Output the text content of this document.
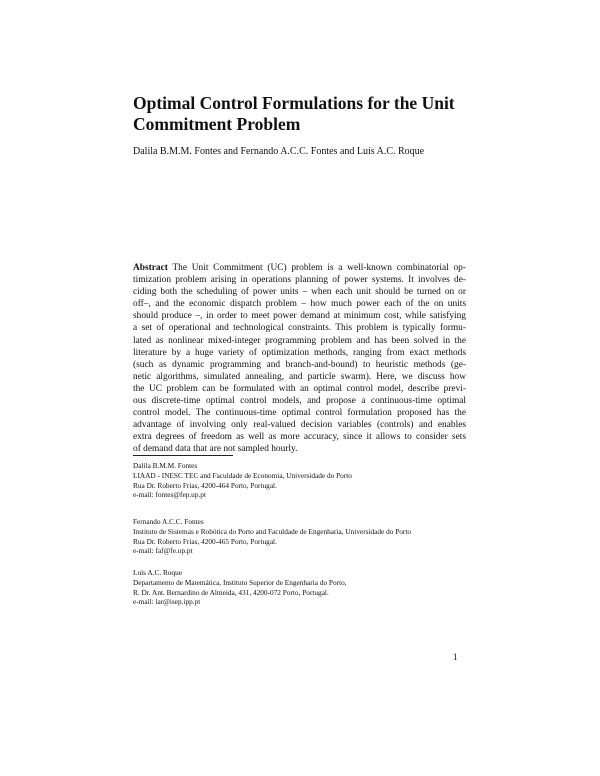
Optimal Control Formulations for the Unit
Commitment Problem
Dalila B.M.M. Fontes and Fernando A.C.C. Fontes and Luís A.C. Roque
Abstract The Unit Commitment (UC) problem is a well-known combinatorial op-
timization problem arising in operations planning of power systems. It involves de-
ciding both the scheduling of power units – when each unit should be turned on or
off–, and the economic dispatch problem – how much power each of the on units
should produce –, in order to meet power demand at minimum cost, while satisfying
a set of operational and technological constraints. This problem is typically formu-
lated as nonlinear mixed-integer programming problem and has been solved in the
literature by a huge variety of optimization methods, ranging from exact methods
(such as dynamic programming and branch-and-bound) to heuristic methods (ge-
netic algorithms, simulated annealing, and particle swarm). Here, we discuss how
the UC problem can be formulated with an optimal control model, describe previ-
ous discrete-time optimal control models, and propose a continuous-time optimal
control model. The continuous-time optimal control formulation proposed has the
advantage of involving only real-valued decision variables (controls) and enables
extra degrees of freedom as well as more accuracy, since it allows to consider sets
of demand data that are not sampled hourly.
Dalila B.M.M. Fontes
LIAAD - INESC TEC and Faculdade de Economia, Universidade do Porto
Rua Dr. Roberto Frias, 4200-464 Porto, Portugal.
e-mail: fontes@fep.up.pt
Fernando A.C.C. Fontes
Instituto de Sistemas e Robótica do Porto and Faculdade de Engenharia, Universidade do Porto
Rua Dr. Roberto Frias, 4200-465 Porto, Portugal.
e-mail: faf@fe.up.pt
Luís A.C. Roque
Departamento de Matemática, Instituto Superior de Engenharia do Porto,
R. Dr. Ant. Bernardino de Almeida, 431, 4200-072 Porto, Portugal.
e-mail: lar@isep.ipp.pt
1
